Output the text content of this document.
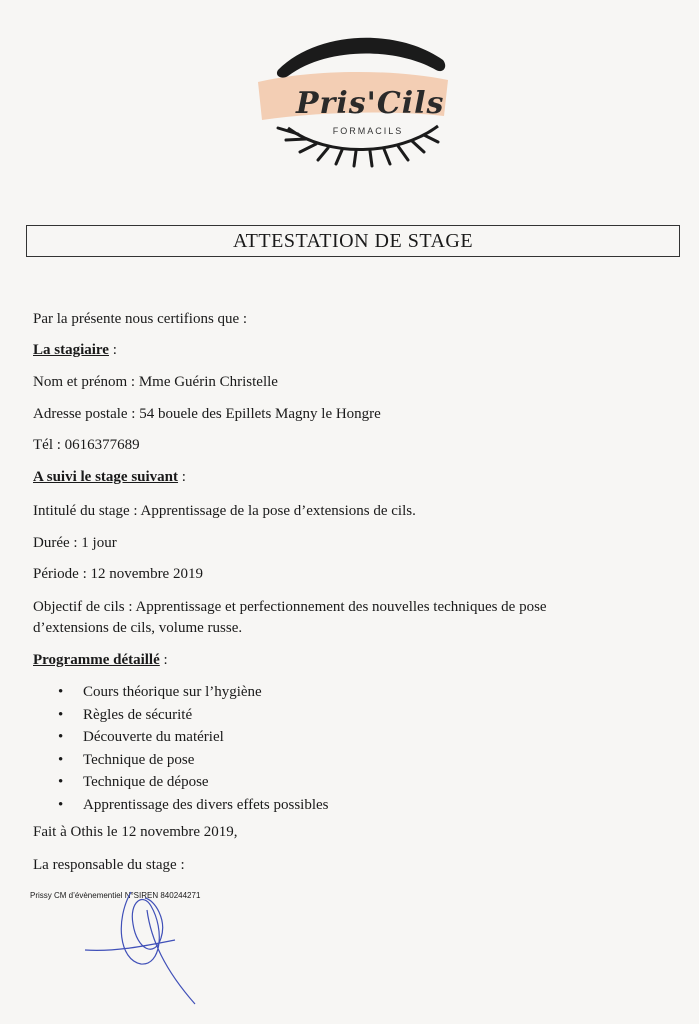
Pris'Cils
FORMACILS
ATTESTATION DE STAGE
Par la présente nous certifions que :
La stagiaire :
Nom et prénom : Mme Guérin Christelle
Adresse postale : 54 bouele des Epillets Magny le Hongre
Tél : 0616377689
A suivi le stage suivant :
Intitulé du stage : Apprentissage de la pose d’extensions de cils.
Durée : 1 jour
Période : 12 novembre 2019
Objectif de cils : Apprentissage et perfectionnement des nouvelles techniques de pose
d’extensions de cils, volume russe.
Programme détaillé :
• Cours théorique sur l’hygiène
• Règles de sécurité
• Découverte du matériel
• Technique de pose
• Technique de dépose
• Apprentissage des divers effets possibles
Fait à Othis le 12 novembre 2019,
La responsable du stage :
Prissy CM d’évènementiel N°SIREN 840244271
